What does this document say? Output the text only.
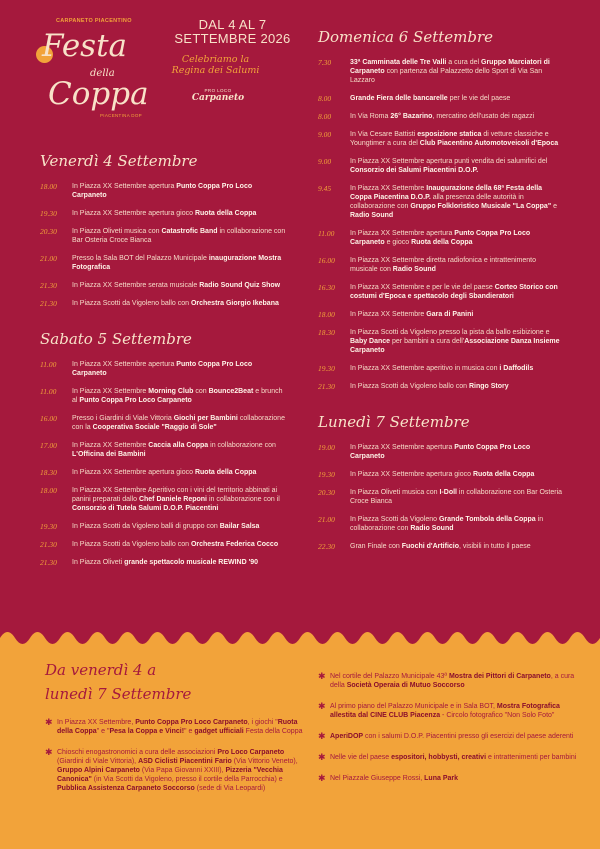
CARPANETO PIACENTINO
Festa
della
Coppa
PIACENTINA DOP
DAL 4 AL 7
SETTEMBRE 2026
Celebriamo la
Regina dei Salumi
PRO LOCO
Carpaneto
Venerdì 4 Settembre
18.00	In Piazza XX Settembre apertura Punto Coppa Pro Loco Carpaneto
19.30	In Piazza XX Settembre apertura gioco Ruota della Coppa
20.30	In Piazza Oliveti musica con Catastrofic Band in collaborazione con Bar Osteria Croce Bianca
21.00	Presso la Sala BOT del Palazzo Municipale inaugurazione Mostra Fotografica
21.30	In Piazza XX Settembre serata musicale Radio Sound Quiz Show
21.30	In Piazza Scotti da Vigoleno ballo con Orchestra Giorgio Ikebana
Sabato 5 Settembre
11.00	In Piazza XX Settembre apertura Punto Coppa Pro Loco Carpaneto
11.00	In Piazza XX Settembre Morning Club con Bounce2Beat e brunch al Punto Coppa Pro Loco Carpaneto
16.00	Presso i Giardini di Viale Vittoria Giochi per Bambini collaborazione con la Cooperativa Sociale "Raggio di Sole"
17.00	In Piazza XX Settembre Caccia alla Coppa in collaborazione con L'Officina dei Bambini
18.30	In Piazza XX Settembre apertura gioco Ruota della Coppa
18.00	In Piazza XX Settembre Aperitivo con i vini del territorio abbinati ai panini preparati dallo Chef Daniele Reponi in collaborazione con il Consorzio di Tutela Salumi D.O.P. Piacentini
19.30	In Piazza Scotti da Vigoleno balli di gruppo con Bailar Salsa
21.30	In Piazza Scotti da Vigoleno ballo con Orchestra Federica Cocco
21.30	In Piazza Oliveti grande spettacolo musicale REWIND '90
Domenica 6 Settembre
7.30	33ª Camminata delle Tre Valli a cura del Gruppo Marciatori di Carpaneto con partenza dal Palazzetto dello Sport di Via San Lazzaro
8.00	Grande Fiera delle bancarelle per le vie del paese
8.00	In Via Roma 26° Bazarino, mercatino dell'usato dei ragazzi
9.00	In Via Cesare Battisti esposizione statica di vetture classiche e Youngtimer a cura del Club Piacentino Automotoveicoli d'Epoca
9.00	In Piazza XX Settembre apertura punti vendita dei salumifici del Consorzio dei Salumi Piacentini D.O.P.
9.45	In Piazza XX Settembre Inaugurazione della 68ª Festa della Coppa Piacentina D.O.P. alla presenza delle autorità in collaborazione con Gruppo Folkloristico Musicale "La Coppa" e Radio Sound
11.00	In Piazza XX Settembre apertura Punto Coppa Pro Loco Carpaneto e gioco Ruota della Coppa
16.00	In Piazza XX Settembre diretta radiofonica e intrattenimento musicale con Radio Sound
16.30	In Piazza XX Settembre e per le vie del paese Corteo Storico con costumi d'Epoca e spettacolo degli Sbandieratori
18.00	In Piazza XX Settembre Gara di Panini
18.30	In Piazza Scotti da Vigoleno presso la pista da ballo esibizione e Baby Dance per bambini a cura dell'Associazione Danza Insieme Carpaneto
19.30	In Piazza XX Settembre aperitivo in musica con i Daffodils
21.30	In Piazza Scotti da Vigoleno ballo con Ringo Story
Lunedì 7 Settembre
19.00	In Piazza XX Settembre apertura Punto Coppa Pro Loco Carpaneto
19.30	In Piazza XX Settembre apertura gioco Ruota della Coppa
20.30	In Piazza Oliveti musica con I-Doll in collaborazione con Bar Osteria Croce Bianca
21.00	In Piazza Scotti da Vigoleno Grande Tombola della Coppa in collaborazione con Radio Sound
22.30	Gran Finale con Fuochi d'Artificio, visibili in tutto il paese
Da venerdì 4 a
lunedì 7 Settembre
✱ In Piazza XX Settembre, Punto Coppa Pro Loco Carpaneto, i giochi "Ruota della Coppa" e "Pesa la Coppa e Vinci!" e gadget ufficiali Festa della Coppa
✱ Chioschi enogastronomici a cura delle associazioni Pro Loco Carpaneto (Giardini di Viale Vittoria), ASD Ciclisti Piacentini Fario (Via Vittorio Veneto), Gruppo Alpini Carpaneto (Via Papa Giovanni XXIII), Pizzeria "Vecchia Canonica" (in Via Scotti da Vigoleno, presso il cortile della Parrocchia) e Pubblica Assistenza Carpaneto Soccorso (sede di Via Leopardi)
✱ Nel cortile del Palazzo Municipale 43ª Mostra dei Pittori di Carpaneto, a cura della Società Operaia di Mutuo Soccorso
✱ Al primo piano del Palazzo Municipale e in Sala BOT, Mostra Fotografica allestita dal CINE CLUB Piacenza - Circolo fotografico "Non Solo Foto"
✱ AperiDOP con i salumi D.O.P. Piacentini presso gli esercizi del paese aderenti
✱ Nelle vie del paese espositori, hobbysti, creativi e intrattenimenti per bambini
✱ Nel Piazzale Giuseppe Rossi, Luna Park
